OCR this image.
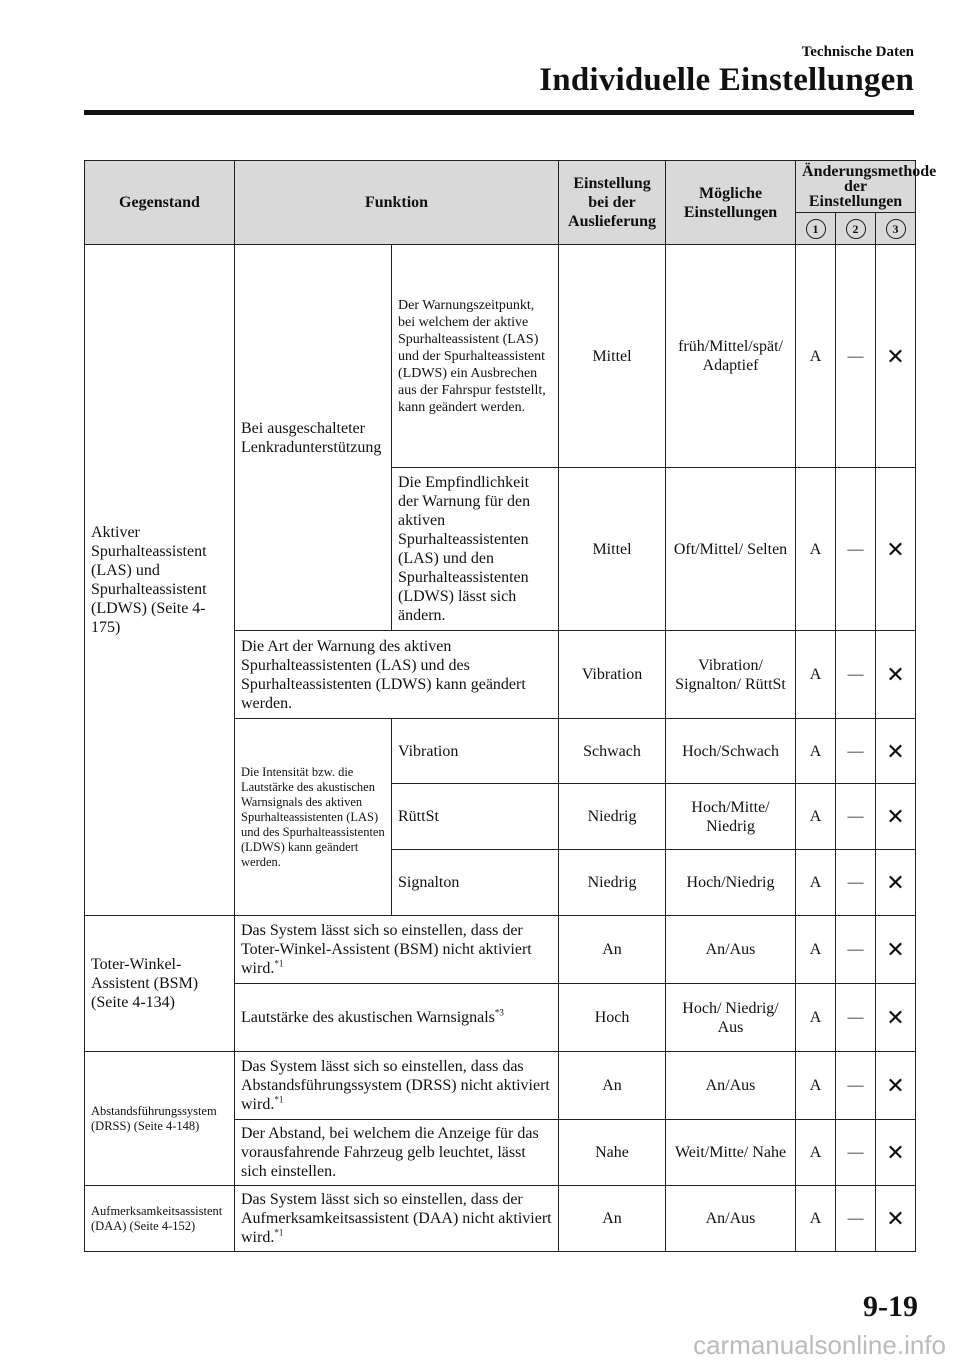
Technische Daten
Individuelle Einstellungen
Gegenstand	Funktion		Einstellung bei der Auslieferung	Mögliche Einstellungen	Änderungsmethode der Einstellungen		
					1	2	3
Aktiver Spurhalteassistent (LAS) und Spurhalteassistent (LDWS) (Seite 4-175)	Bei ausgeschalteter Lenkradunterstützung	Der Warnungszeitpunkt, bei welchem der aktive Spurhalteassistent (LAS) und der Spurhalteassistent (LDWS) ein Ausbrechen aus der Fahrspur feststellt, kann geändert werden.	Mittel	früh/Mittel/spät/ Adaptief	A	—	✕
		Die Empfindlichkeit der Warnung für den aktiven Spurhalteassistenten (LAS) und den Spurhalteassistenten (LDWS) lässt sich ändern.	Mittel	Oft/Mittel/ Selten	A	—	✕
	Die Art der Warnung des aktiven Spurhalteassistenten (LAS) und des Spurhalteassistenten (LDWS) kann geändert werden.		Vibration	Vibration/ Signalton/ RüttSt	A	—	✕
	Die Intensität bzw. die Lautstärke des akustischen Warnsignals des aktiven Spurhalteassistenten (LAS) und des Spurhalteassistenten (LDWS) kann geändert werden.	Vibration	Schwach	Hoch/Schwach	A	—	✕
		RüttSt	Niedrig	Hoch/Mitte/ Niedrig	A	—	✕
		Signalton	Niedrig	Hoch/Niedrig	A	—	✕
Toter-Winkel-Assistent (BSM) (Seite 4-134)	Das System lässt sich so einstellen, dass der Toter-Winkel-Assistent (BSM) nicht aktiviert wird.$^{*1}$		An	An/Aus	A	—	✕
	Lautstärke des akustischen Warnsignals$^{*3}$		Hoch	Hoch/ Niedrig/ Aus	A	—	✕
Abstandsführungssystem (DRSS) (Seite 4-148)	Das System lässt sich so einstellen, dass das Abstandsführungssystem (DRSS) nicht aktiviert wird.$^{*1}$		An	An/Aus	A	—	✕
	Der Abstand, bei welchem die Anzeige für das vorausfahrende Fahrzeug gelb leuchtet, lässt sich einstellen.		Nahe	Weit/Mitte/ Nahe	A	—	✕
Aufmerksamkeitsassistent (DAA) (Seite 4-152)	Das System lässt sich so einstellen, dass der Aufmerksamkeitsassistent (DAA) nicht aktiviert wird.$^{*1}$		An	An/Aus	A	—	✕
9-19
carmanualsonline.info
